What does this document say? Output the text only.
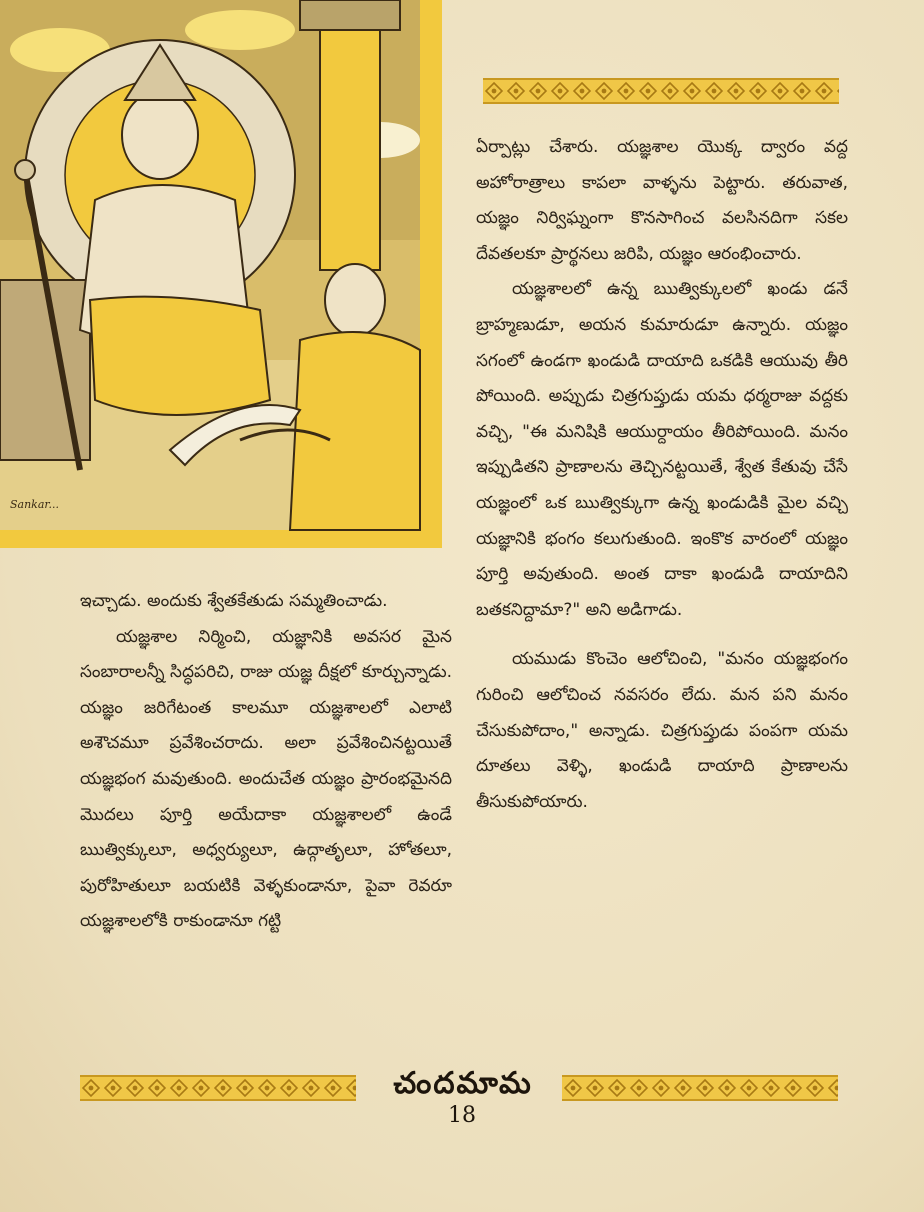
Sankar...

ఏర్పాట్లు చేశారు. యజ్ఞశాల యొక్క ద్వారం వద్ద అహోరాత్రాలు కాపలా వాళ్ళను పెట్టారు. తరువాత, యజ్ఞం నిర్విఘ్నంగా కొనసాగించ వలసినదిగా సకల దేవతలకూ ప్రార్థనలు జరిపి, యజ్ఞం ఆరంభించారు.

యజ్ఞశాలలో ఉన్న ఋత్విక్కులలో ఖండు డనే బ్రాహ్మణుడూ, అయన కుమారుడూ ఉన్నారు. యజ్ఞం సగంలో ఉండగా ఖండుడి దాయాది ఒకడికి ఆయువు తీరి పోయింది. అప్పుడు చిత్రగుప్తుడు యమ ధర్మరాజు వద్దకు వచ్చి, "ఈ మనిషికి ఆయుర్దాయం తీరిపోయింది. మనం ఇప్పుడితని ప్రాణాలను తెచ్చినట్టయితే, శ్వేత కేతువు చేసే యజ్ఞంలో ఒక ఋత్విక్కుగా ఉన్న ఖండుడికి మైల వచ్చి యజ్ఞానికి భంగం కలుగుతుంది. ఇంకొక వారంలో యజ్ఞం పూర్తి అవుతుంది. అంత దాకా ఖండుడి దాయాదిని బతకనిద్దామా?" అని అడిగాడు.

యముడు కొంచెం ఆలోచించి, "మనం యజ్ఞభంగం గురించి ఆలోచించ నవసరం లేదు. మన పని మనం చేసుకుపోదాం," అన్నాడు. చిత్రగుప్తుడు పంపగా యమ దూతలు వెళ్ళి, ఖండుడి దాయాది ప్రాణాలను తీసుకుపోయారు.

ఇచ్చాడు. అందుకు శ్వేతకేతుడు సమ్మతించాడు.

యజ్ఞశాల నిర్మించి, యజ్ఞానికి అవసర మైన సంబారాలన్నీ సిద్ధపరిచి, రాజు యజ్ఞ దీక్షలో కూర్చున్నాడు. యజ్ఞం జరిగేటంత కాలమూ యజ్ఞశాలలో ఎలాటి అశౌచమూ ప్రవేశించరాదు. అలా ప్రవేశించినట్టయితే యజ్ఞభంగ మవుతుంది. అందుచేత యజ్ఞం ప్రారంభమైనది మొదలు పూర్తి అయేదాకా యజ్ఞశాలలో ఉండే ఋత్విక్కులూ, అధ్వర్యులూ, ఉద్గాతృలూ, హోతలూ, పురోహితులూ బయటికి వెళ్ళకుండానూ, పైవా రెవరూ యజ్ఞశాలలోకి రాకుండానూ గట్టి

చందమామ
18
